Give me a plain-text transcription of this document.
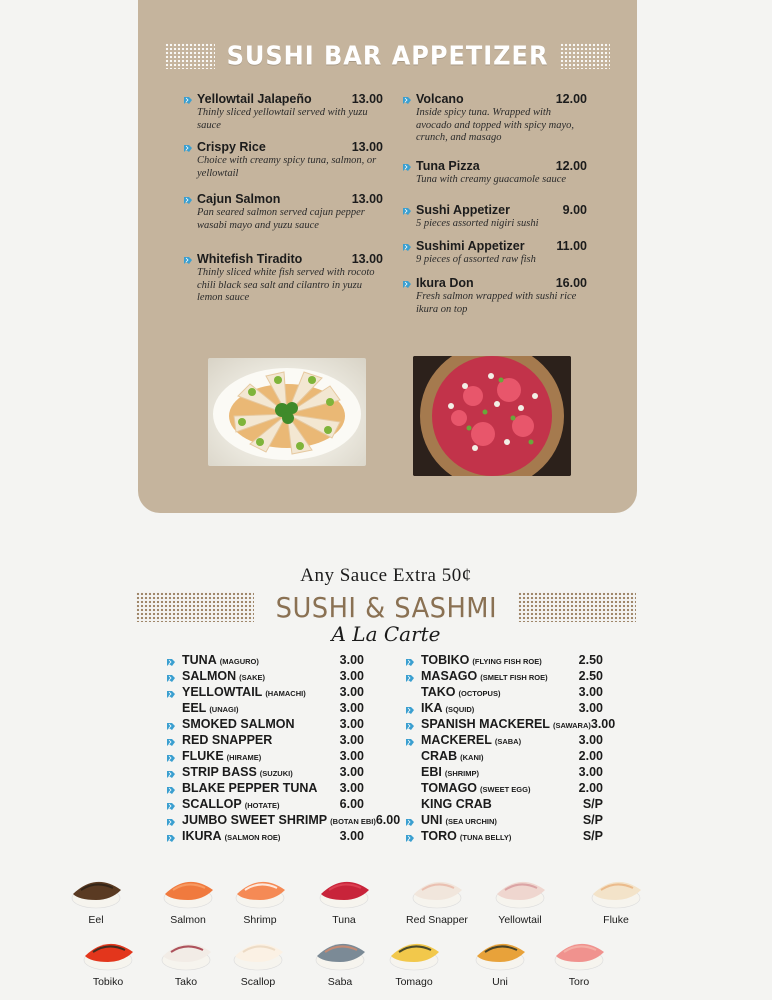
SUSHI BAR APPETIZER
Yellowtail Jalapeño	13.00
Thinly sliced yellowtail served with yuzu sauce
Crispy Rice	13.00
Choice with creamy spicy tuna, salmon, or yellowtail
Cajun Salmon	13.00
Pan seared salmon served cajun pepper wasabi mayo and yuzu sauce
Whitefish Tiradito	13.00
Thinly sliced white fish served with rocoto chili black sea salt and cilantro in yuzu lemon sauce
Volcano	12.00
Inside spicy tuna. Wrapped with avocado and topped with spicy mayo, crunch, and masago
Tuna Pizza	12.00
Tuna with creamy guacamole sauce
Sushi Appetizer	9.00
5 pieces assorted nigiri sushi
Sushimi Appetizer	11.00
9 pieces of assorted raw fish
Ikura Don	16.00
Fresh salmon wrapped with sushi rice ikura on top
Any Sauce Extra 50¢
SUSHI & SASHMI
A La Carte
TUNA (MAGURO)	3.00
SALMON (SAKE)	3.00
YELLOWTAIL (HAMACHI)	3.00
EEL (UNAGI)	3.00
SMOKED SALMON	3.00
RED SNAPPER	3.00
FLUKE (HIRAME)	3.00
STRIP BASS (SUZUKI)	3.00
BLAKE PEPPER TUNA 3.00
SCALLOP (HOTATE)	6.00
JUMBO SWEET SHRIMP (BOTAN EBI) 6.00
IKURA (SALMON ROE)	3.00
TOBIKO (FLYING FISH ROE)	2.50
MASAGO (SMELT FISH ROE) 2.50
TAKO (OCTOPUS)	3.00
IKA (SQUID)	3.00
SPANISH MACKEREL (SAWARA) 3.00
MACKEREL (SABA)	3.00
CRAB (KANI)	2.00
EBI (SHRIMP)	3.00
TOMAGO (SWEET EGG)	2.00
KING CRAB	S/P
UNI (SEA URCHIN)	S/P
TORO (TUNA BELLY)	S/P
Eel	Salmon	Shrimp	Tuna	Red Snapper	Yellowtail	Fluke
Tobiko	Tako	Scallop	Saba	Tomago	Uni	Toro
